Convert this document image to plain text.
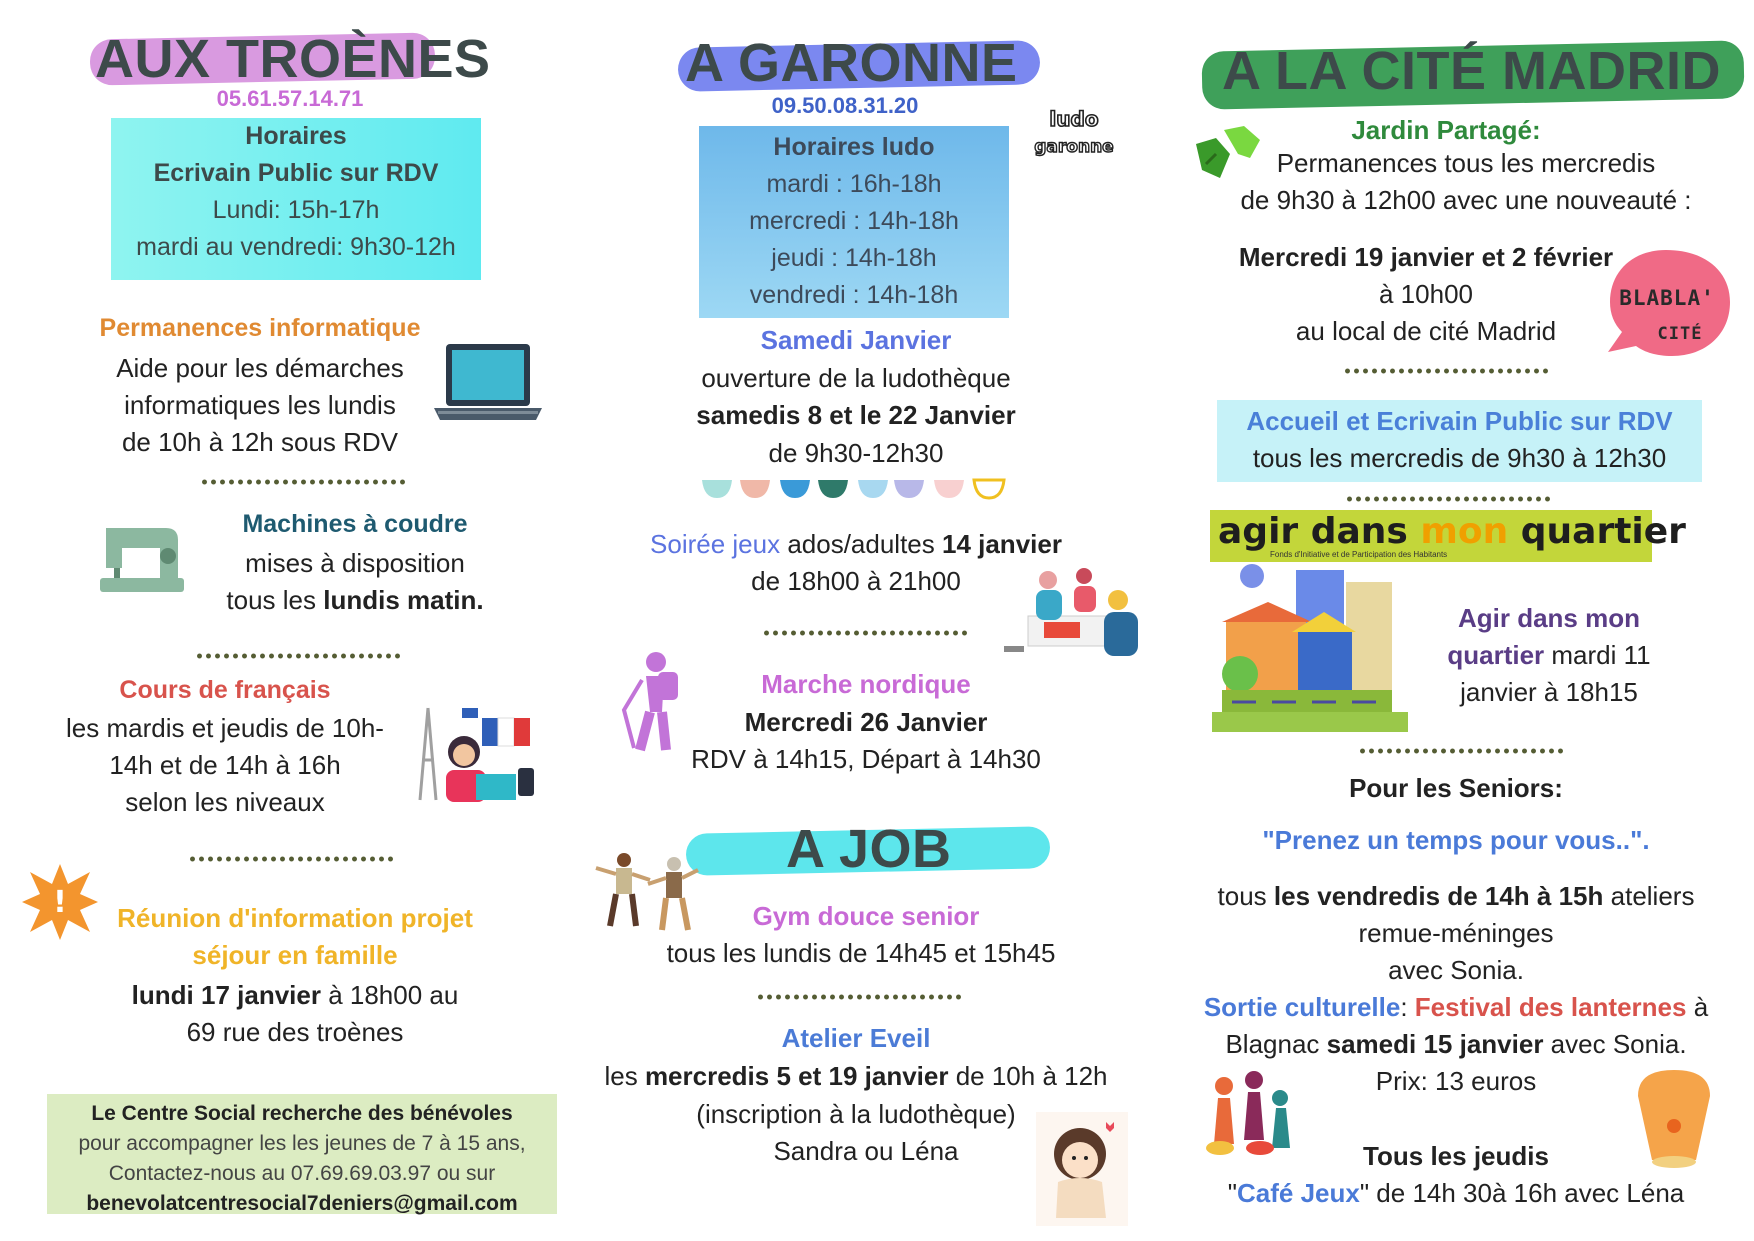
AUX TROÈNES
05.61.57.14.71
Horaires
Ecrivain Public sur RDV
Lundi: 15h-17h
mardi au vendredi: 9h30-12h
Permanences informatique
Aide pour les démarches
informatiques les lundis
de 10h à 12h sous RDV
Machines à coudre
mises à disposition
tous les lundis matin.
Cours de français
les mardis et jeudis de 10h-
14h et de 14h à 16h
selon les niveaux
!	Réunion d'information projet
séjour en famille
lundi 17 janvier à 18h00 au
69 rue des troènes
Le Centre Social recherche des bénévoles
pour accompagner les les jeunes de 7 à 15 ans,
Contactez-nous au 07.69.69.03.97 ou sur
benevolatcentresocial7deniers@gmail.com
A GARONNE
09.50.08.31.20
ludo
garonne
Horaires ludo
mardi : 16h-18h
mercredi : 14h-18h
jeudi : 14h-18h
vendredi : 14h-18h
Samedi Janvier
ouverture de la ludothèque
samedis 8 et le 22 Janvier
de 9h30-12h30
Soirée jeux ados/adultes 14 janvier
de 18h00 à 21h00
Marche nordique
Mercredi 26 Janvier
RDV à 14h15, Départ à 14h30
A JOB
Gym douce senior
tous les lundis de 14h45 et 15h45
Atelier Eveil
les mercredis 5 et 19 janvier de 10h à 12h
(inscription à la ludothèque)
Sandra ou Léna
A LA CITÉ MADRID
Jardin Partagé:
Permanences tous les mercredis
de 9h30 à 12h00 avec une nouveauté :
Mercredi 19 janvier et 2 février
à 10h00
au local de cité Madrid
BLABLA'
CITÉ
Accueil et Ecrivain Public sur RDV
tous les mercredis de 9h30 à 12h30
agir dans mon quartier
Fonds d'Initiative et de Participation des Habitants
Agir dans mon
quartier mardi 11
janvier à 18h15
Pour les Seniors:
"Prenez un temps pour vous..".
tous les vendredis de 14h à 15h ateliers
remue-méninges
avec Sonia.
Sortie culturelle: Festival des lanternes à
Blagnac samedi 15 janvier avec Sonia.
Prix: 13 euros
Tous les jeudis
"Café Jeux" de 14h 30à 16h avec Léna
